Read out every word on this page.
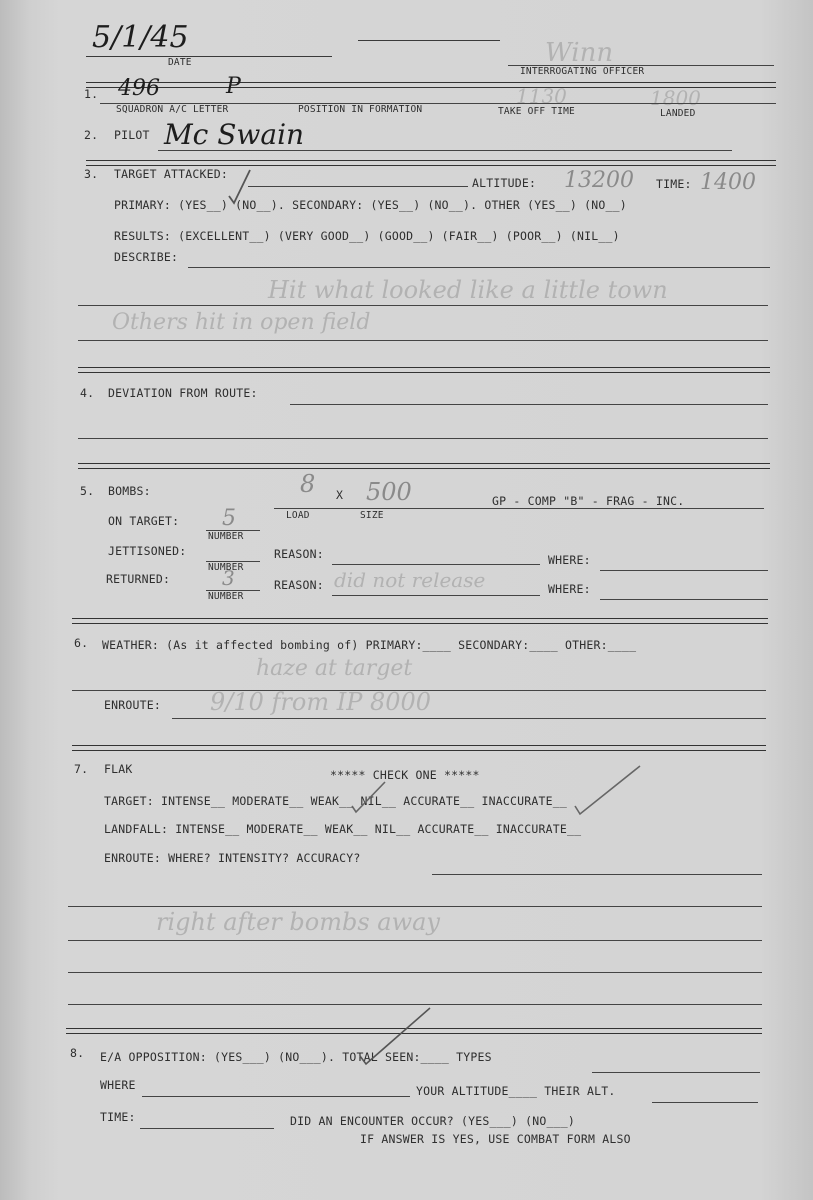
5/1/45
DATE	Winn
INTERROGATING OFFICER
1. 496	P	1130	1800
SQUADRON A/C LETTER	POSITION IN FORMATION	TAKE OFF TIME	LANDED
2. PILOT Mc Swain
3. TARGET ATTACKED:
ALTITUDE: 13200 TIME: 1400
PRIMARY: (YES__) (NO__). SECONDARY: (YES__) (NO__). OTHER (YES__) (NO__)
RESULTS: (EXCELLENT__) (VERY GOOD__) (GOOD__) (FAIR__) (POOR__) (NIL__)
DESCRIBE:
Hit what looked like a little town
Others hit in open field
4. DEVIATION FROM ROUTE:
5. BOMBS:	8 X 500	GP - COMP "B" - FRAG - INC.
LOAD	SIZE
ON TARGET: 5
NUMBER
JETTISONED:
NUMBER
REASON:	WHERE:
RETURNED:	3
NUMBER
REASON: did not release	WHERE:
6. WEATHER: (As it affected bombing of) PRIMARY:____ SECONDARY:____ OTHER:____
haze at target
ENROUTE: 9/10 from IP 8000
7. FLAK	***** CHECK ONE *****
TARGET: INTENSE__ MODERATE__ WEAK__ NIL__ ACCURATE__ INACCURATE__
LANDFALL: INTENSE__ MODERATE__ WEAK__ NIL__ ACCURATE__ INACCURATE__
ENROUTE: WHERE? INTENSITY? ACCURACY?
right after bombs away
8. E/A OPPOSITION: (YES___) (NO___). TOTAL SEEN:____ TYPES
WHERE	YOUR ALTITUDE____ THEIR ALT.
TIME:	DID AN ENCOUNTER OCCUR? (YES___) (NO___)
IF ANSWER IS YES, USE COMBAT FORM ALSO
